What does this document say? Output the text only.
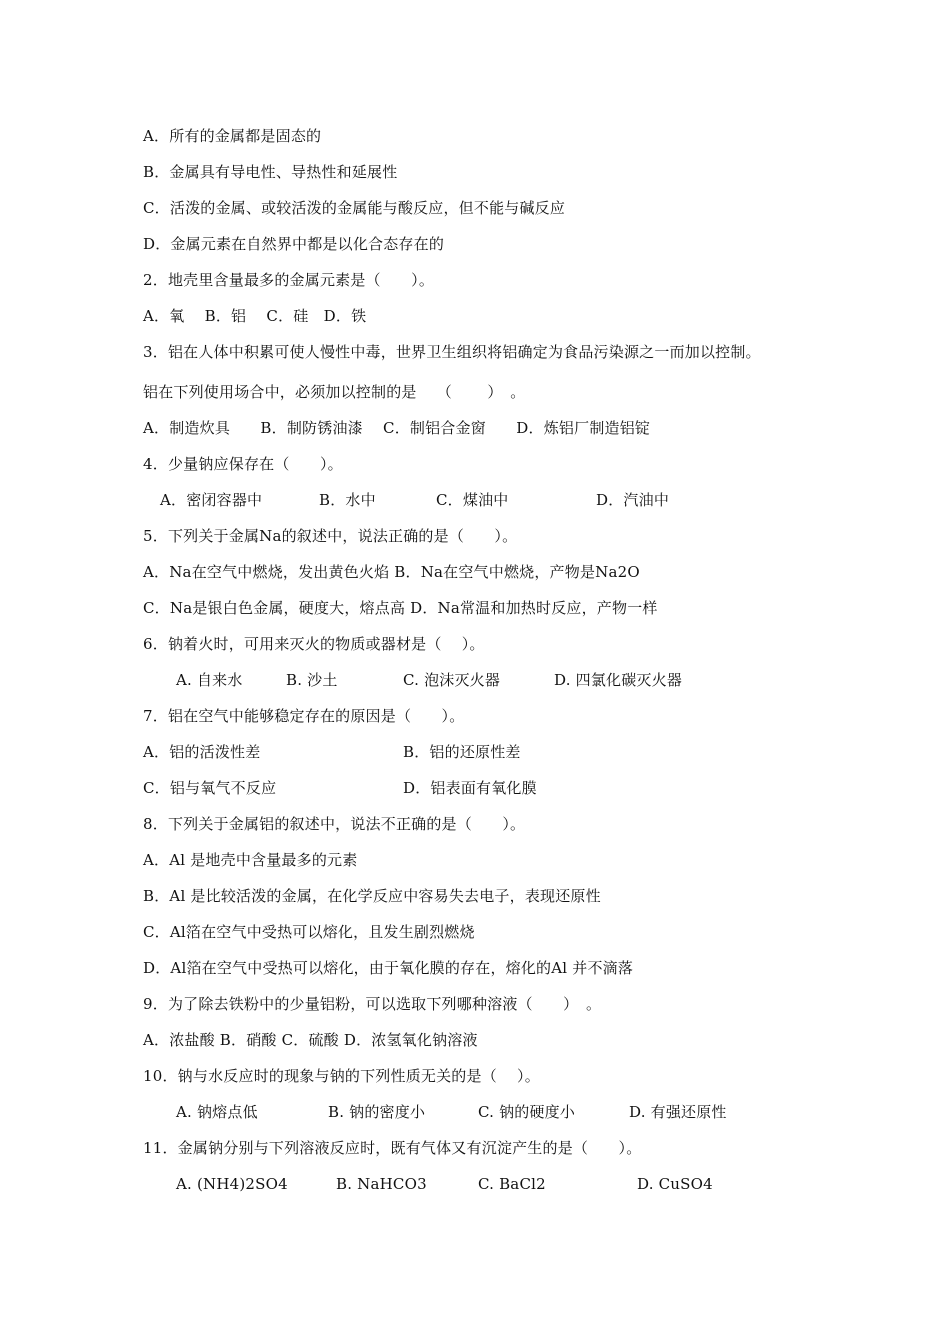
A．所有的金属都是固态的
B．金属具有导电性、导热性和延展性
C．活泼的金属、或较活泼的金属能与酸反应，但不能与碱反应
D．金属元素在自然界中都是以化合态存在的
2．地壳里含量最多的金属元素是（　　）。
A．氧　 B．铝　 C．硅　D．铁
3．铝在人体中积累可使人慢性中毒，世界卫生组织将铝确定为食品污染源之一而加以控制。
铝在下列使用场合中，必须加以控制的是　 （　　 ）　。
A．制造炊具　　B．制防锈油漆　 C．制铝合金窗　　D．炼铝厂制造铝锭
4．少量钠应保存在（　　）。

A．密闭容器中

	B．水中

	C．煤油中

	D．汽油中

5．下列关于金属Na的叙述中，说法正确的是（　　）。
A．Na在空气中燃烧，发出黄色火焰 B．Na在空气中燃烧，产物是Na2O
C．Na是银白色金属，硬度大，熔点高 D．Na常温和加热时反应，产物一样
6．钠着火时，可用来灭火的物质或器材是（　 ）。

A. 自来水

	B. 沙土

	C. 泡沫灭火器

	D. 四氯化碳灭火器

7．铝在空气中能够稳定存在的原因是（　　）。

A．铝的活泼性差

	B．铝的还原性差

C．铝与氧气不反应

	D．铝表面有氧化膜

8．下列关于金属铝的叙述中，说法不正确的是（　　）。
A．Al 是地壳中含量最多的元素
B．Al 是比较活泼的金属，在化学反应中容易失去电子，表现还原性
C．Al箔在空气中受热可以熔化，且发生剧烈燃烧
D．Al箔在空气中受热可以熔化，由于氧化膜的存在，熔化的Al 并不滴落
9．为了除去铁粉中的少量铝粉，可以选取下列哪种溶液（　　）　。
A．浓盐酸 B．硝酸 C．硫酸 D．浓氢氧化钠溶液
10．钠与水反应时的现象与钠的下列性质无关的是（　 ）。

A. 钠熔点低

	B. 钠的密度小

	C. 钠的硬度小

	D. 有强还原性

11．金属钠分别与下列溶液反应时，既有气体又有沉淀产生的是（　　）。

A. (NH4)2SO4

	B. NaHCO3

	C. BaCl2

	D. CuSO4
